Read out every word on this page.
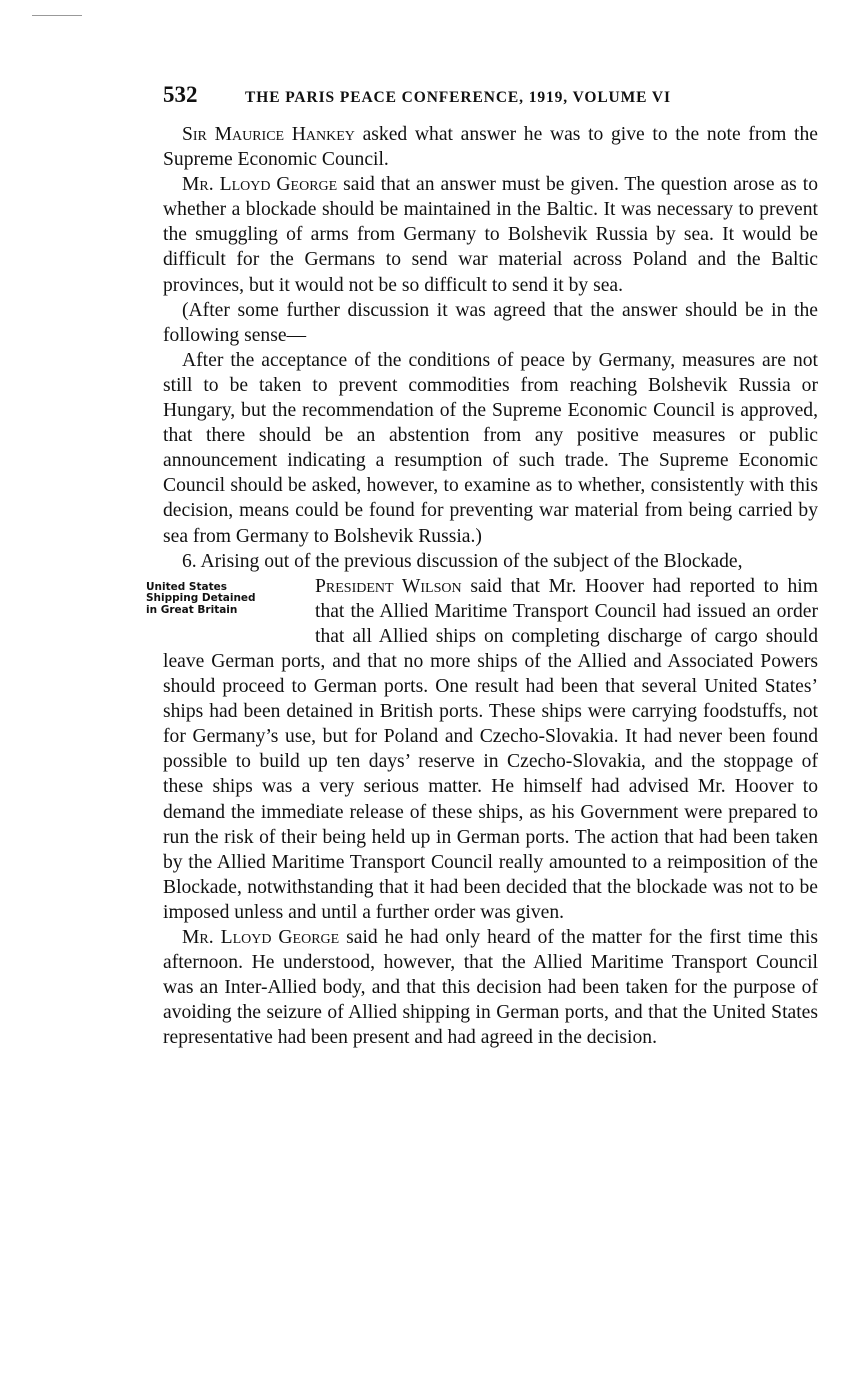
532	THE PARIS PEACE CONFERENCE, 1919, VOLUME VI

Sir Maurice Hankey asked what answer he was to give to the note from the Supreme Economic Council.

Mr. Lloyd George said that an answer must be given. The question arose as to whether a blockade should be maintained in the Baltic. It was necessary to prevent the smuggling of arms from Germany to Bolshevik Russia by sea. It would be difficult for the Germans to send war material across Poland and the Baltic provinces, but it would not be so difficult to send it by sea.

(After some further discussion it was agreed that the answer should be in the following sense—

After the acceptance of the conditions of peace by Germany, measures are not still to be taken to prevent commodities from reaching Bolshevik Russia or Hungary, but the recommendation of the Supreme Economic Council is approved, that there should be an abstention from any positive measures or public announcement indicating a resumption of such trade. The Supreme Economic Council should be asked, however, to examine as to whether, consistently with this decision, means could be found for preventing war material from being carried by sea from Germany to Bolshevik Russia.)

6. Arising out of the previous discussion of the subject of the Blockade,

United States
Shipping Detained
in Great Britain

President Wilson said that Mr. Hoover had reported to him that the Allied Maritime Transport Council had issued an order that all Allied ships on completing discharge of cargo should leave German ports, and that no more ships of the Allied and Associated Powers should proceed to German ports. One result had been that several United States’ ships had been detained in British ports. These ships were carrying foodstuffs, not for Germany’s use, but for Poland and Czecho-Slovakia. It had never been found possible to build up ten days’ reserve in Czecho-Slovakia, and the stoppage of these ships was a very serious matter. He himself had advised Mr. Hoover to demand the immediate release of these ships, as his Government were prepared to run the risk of their being held up in German ports. The action that had been taken by the Allied Maritime Transport Council really amounted to a reimposition of the Blockade, notwithstanding that it had been decided that the blockade was not to be imposed unless and until a further order was given.

Mr. Lloyd George said he had only heard of the matter for the first time this afternoon. He understood, however, that the Allied Maritime Transport Council was an Inter-Allied body, and that this decision had been taken for the purpose of avoiding the seizure of Allied shipping in German ports, and that the United States representative had been present and had agreed in the decision.
